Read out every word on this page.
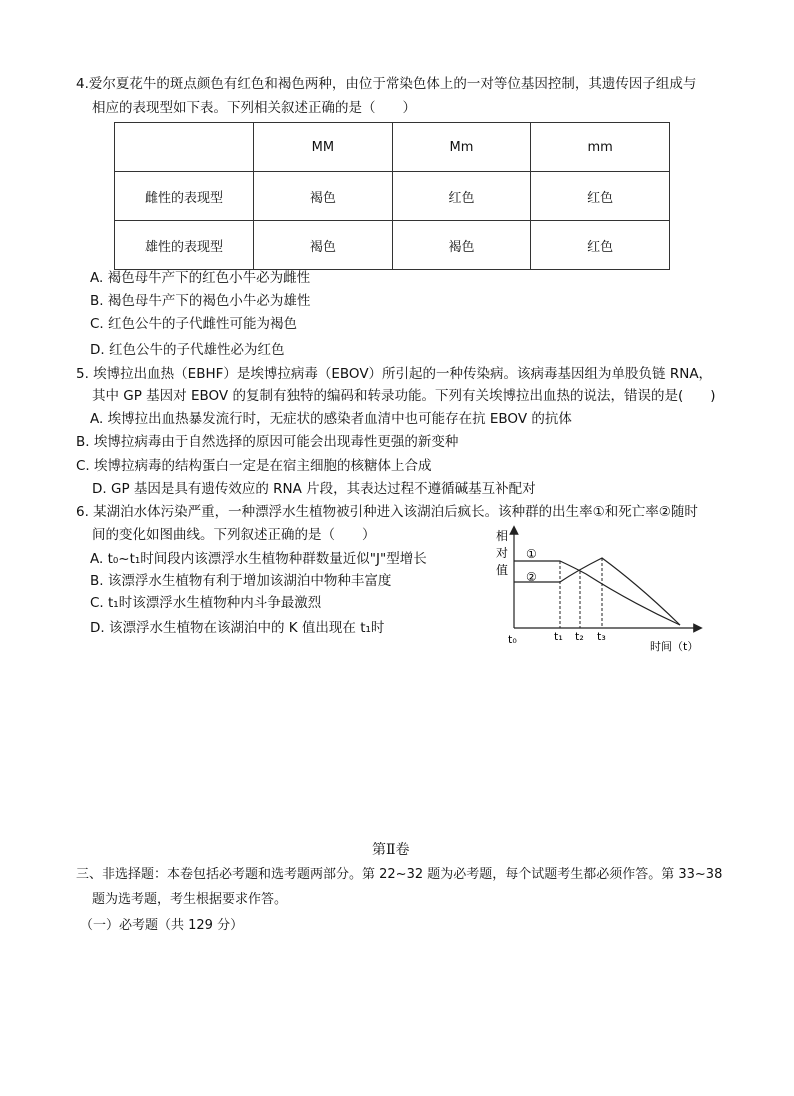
4.爱尔夏花牛的斑点颜色有红色和褐色两种，由位于常染色体上的一对等位基因控制，其遗传因子组成与
相应的表现型如下表。下列相关叙述正确的是（　　）
	MM	Mm	mm
雌性的表现型	褐色	红色	红色
雄性的表现型	褐色	褐色	红色
A. 褐色母牛产下的红色小牛必为雌性
B. 褐色母牛产下的褐色小牛必为雄性
C. 红色公牛的子代雌性可能为褐色
D. 红色公牛的子代雄性必为红色
5. 埃博拉出血热（EBHF）是埃博拉病毒（EBOV）所引起的一种传染病。该病毒基因组为单股负链 RNA，
其中 GP 基因对 EBOV 的复制有独特的编码和转录功能。下列有关埃博拉出血热的说法，错误的是(　　)
A. 埃博拉出血热暴发流行时，无症状的感染者血清中也可能存在抗 EBOV 的抗体
B. 埃博拉病毒由于自然选择的原因可能会出现毒性更强的新变种
C. 埃博拉病毒的结构蛋白一定是在宿主细胞的核糖体上合成
D. GP 基因是具有遗传效应的 RNA 片段，其表达过程不遵循碱基互补配对
6. 某湖泊水体污染严重，一种漂浮水生植物被引种进入该湖泊后疯长。该种群的出生率①和死亡率②随时
间的变化如图曲线。下列叙述正确的是（　　）
A. t₀~t₁时间段内该漂浮水生植物种群数量近似"J"型增长
B. 该漂浮水生植物有利于增加该湖泊中物种丰富度
C. t₁时该漂浮水生植物种内斗争最激烈
D. 该漂浮水生植物在该湖泊中的 K 值出现在 t₁时
相
对
值
①
②
t₀	t₁ t₂ t₃
时间（t）
第Ⅱ卷
三、非选择题：本卷包括必考题和选考题两部分。第 22~32 题为必考题，每个试题考生都必须作答。第 33~38
题为选考题，考生根据要求作答。
（一）必考题（共 129 分）
